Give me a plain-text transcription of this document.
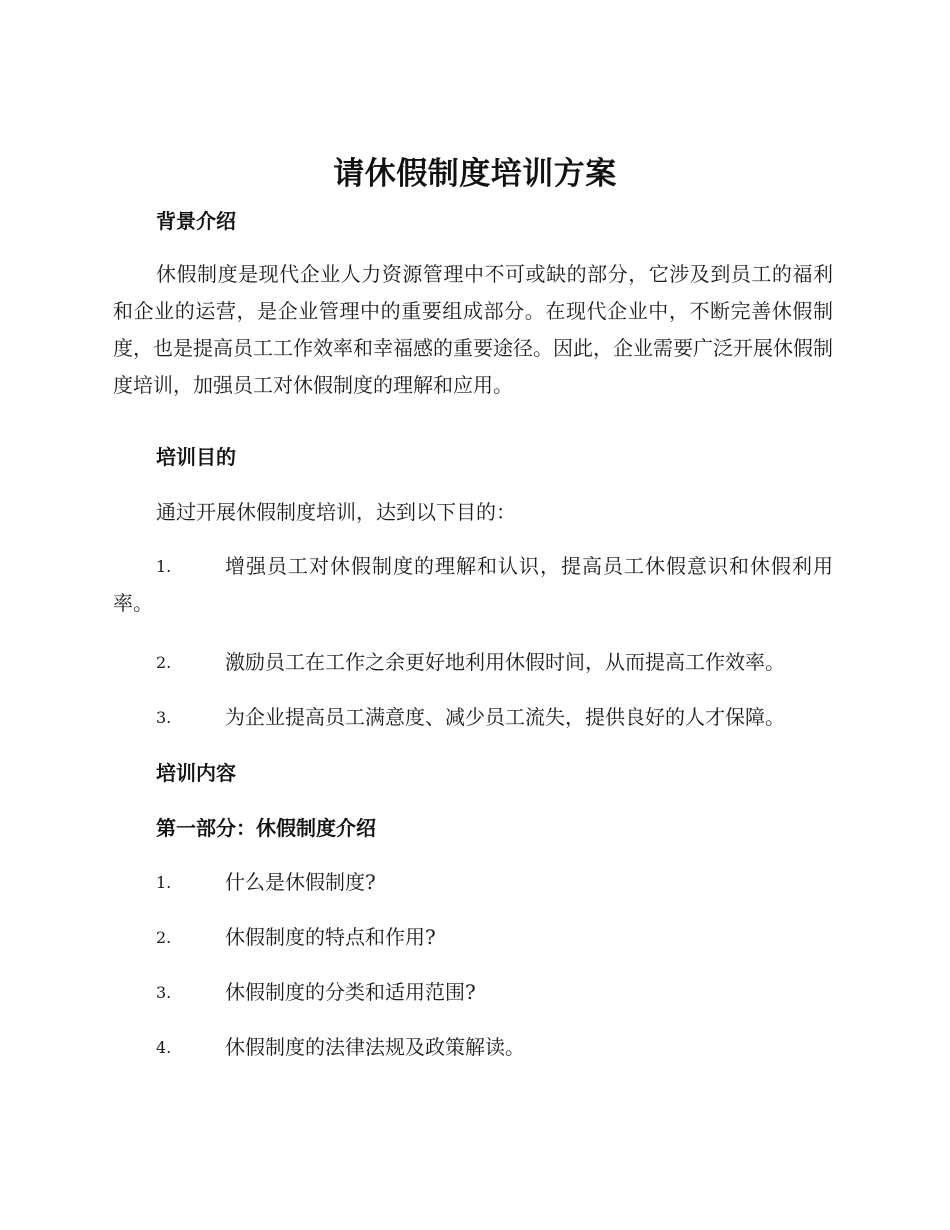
请休假制度培训方案
背景介绍
休假制度是现代企业人力资源管理中不可或缺的部分，它涉及到员工的福利和企业的运营，是企业管理中的重要组成部分。在现代企业中，不断完善休假制度，也是提高员工工作效率和幸福感的重要途径。因此，企业需要广泛开展休假制度培训，加强员工对休假制度的理解和应用。
培训目的
通过开展休假制度培训，达到以下目的：
1.	增强员工对休假制度的理解和认识，提高员工休假意识和休假利用率。
2.	激励员工在工作之余更好地利用休假时间，从而提高工作效率。
3.	为企业提高员工满意度、减少员工流失，提供良好的人才保障。
培训内容
第一部分：休假制度介绍
1.	什么是休假制度?
2.	休假制度的特点和作用?
3.	休假制度的分类和适用范围?
4.	休假制度的法律法规及政策解读。
